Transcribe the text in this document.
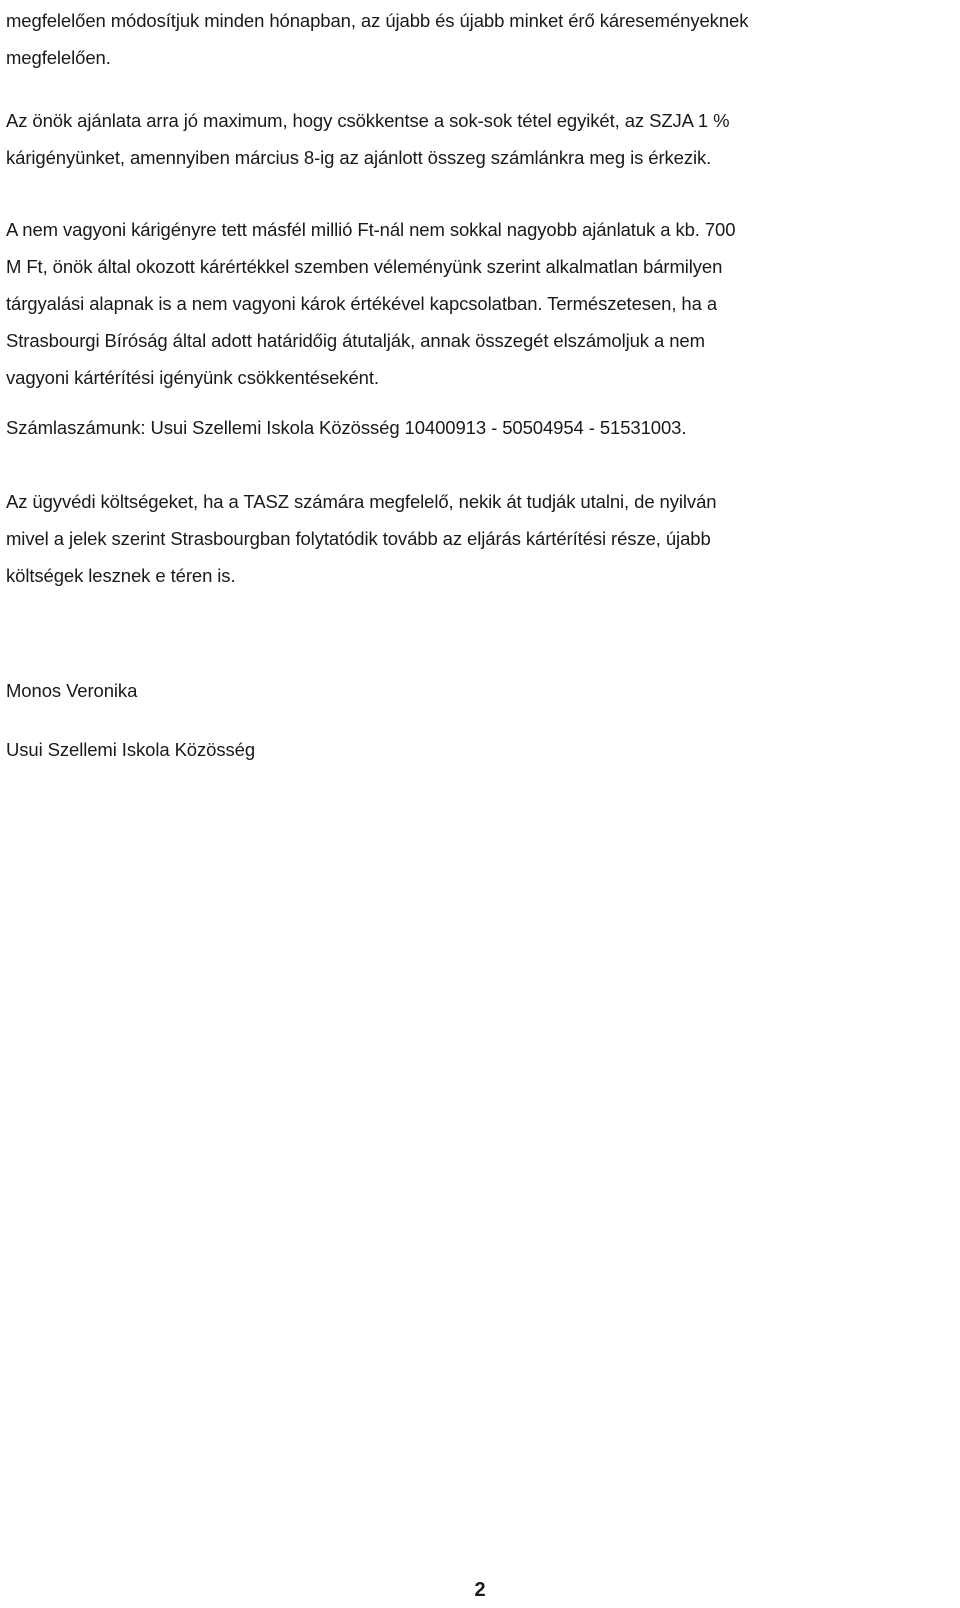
megfelelően módosítjuk minden hónapban, az újabb és újabb minket érő káreseményeknek
megfelelően.
Az önök ajánlata arra jó maximum, hogy csökkentse a sok-sok tétel egyikét, az SZJA 1 %
kárigényünket, amennyiben március 8-ig az ajánlott összeg számlánkra meg is érkezik.
A nem vagyoni kárigényre tett másfél millió Ft-nál nem sokkal nagyobb ajánlatuk a kb. 700
M Ft, önök által okozott kárértékkel szemben véleményünk szerint alkalmatlan bármilyen
tárgyalási alapnak is a nem vagyoni károk értékével kapcsolatban. Természetesen, ha a
Strasbourgi Bíróság által adott határidőig átutalják, annak összegét elszámoljuk a nem
vagyoni kártérítési igényünk csökkentéseként.
Számlaszámunk: Usui Szellemi Iskola Közösség 10400913 - 50504954 - 51531003.
Az ügyvédi költségeket, ha a TASZ számára megfelelő, nekik át tudják utalni, de nyilván
mivel a jelek szerint Strasbourgban folytatódik tovább az eljárás kártérítési része, újabb
költségek lesznek e téren is.
Monos Veronika
Usui Szellemi Iskola Közösség
2
